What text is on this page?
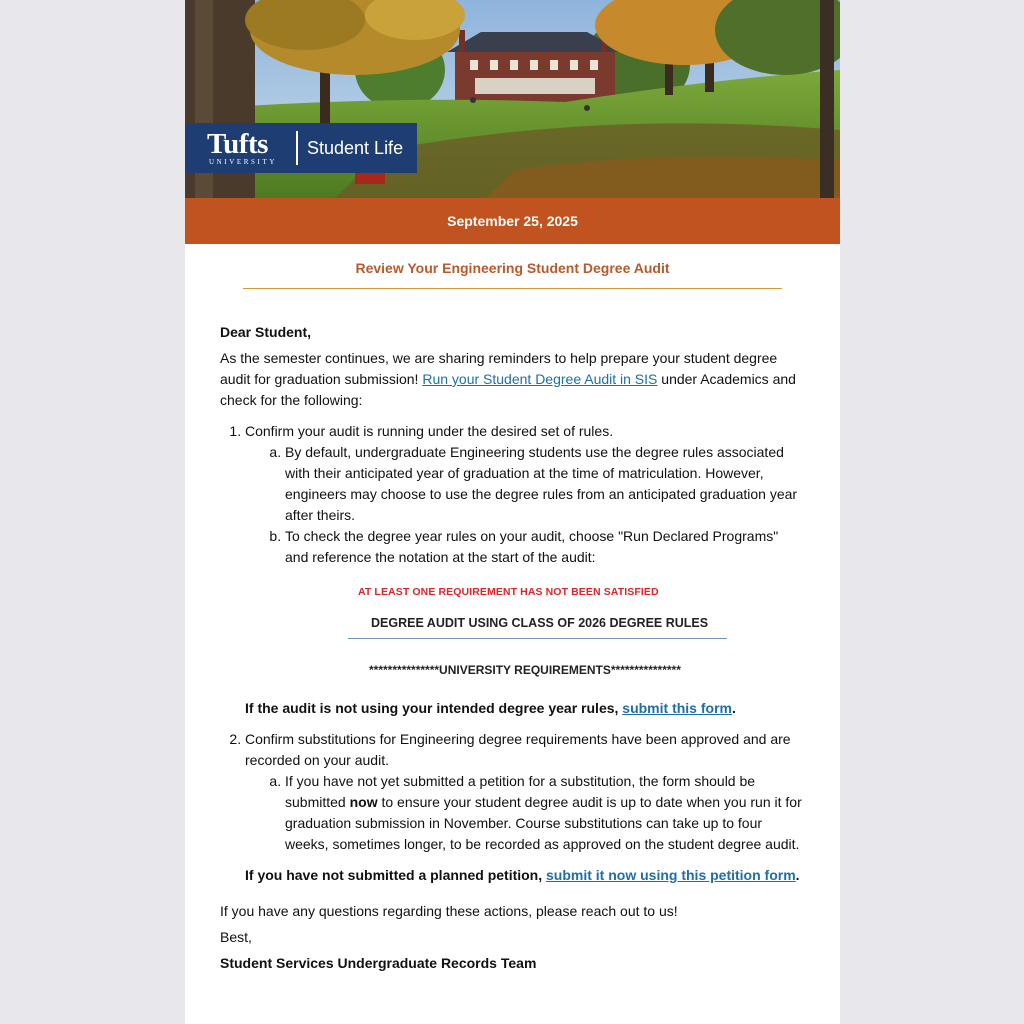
Tufts
UNIVERSITY
Student Life
September 25, 2025
Review Your Engineering Student Degree Audit

Dear Student,

As the semester continues, we are sharing reminders to help prepare your student degree audit for graduation submission! Run your Student Degree Audit in SIS under Academics and check for the following:

1. Confirm your audit is running under the desired set of rules.
a. By default, undergraduate Engineering students use the degree rules associated with their anticipated year of graduation at the time of matriculation. However, engineers may choose to use the degree rules from an anticipated graduation year after theirs.
b. To check the degree year rules on your audit, choose "Run Declared Programs" and reference the notation at the start of the audit:
AT LEAST ONE REQUIREMENT HAS NOT BEEN SATISFIED
DEGREE AUDIT USING CLASS OF 2026 DEGREE RULES
***************UNIVERSITY REQUIREMENTS***************

If the audit is not using your intended degree year rules, submit this form.

2. Confirm substitutions for Engineering degree requirements have been approved and are recorded on your audit.
a. If you have not yet submitted a petition for a substitution, the form should be submitted now to ensure your student degree audit is up to date when you run it for graduation submission in November. Course substitutions can take up to four weeks, sometimes longer, to be recorded as approved on the student degree audit.

If you have not submitted a planned petition, submit it now using this petition form.

If you have any questions regarding these actions, please reach out to us!

Best,

Student Services Undergraduate Records Team
